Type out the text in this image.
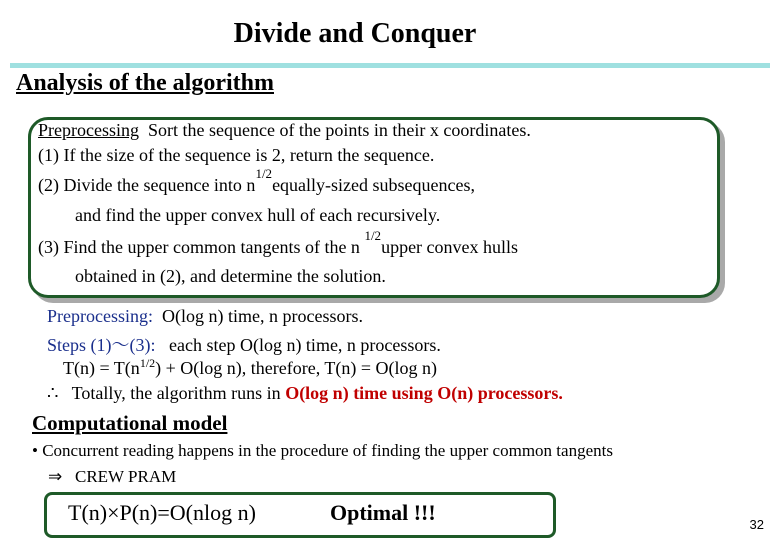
Divide and Conquer
Analysis of the algorithm
Preprocessing Sort the sequence of the points in their x coordinates.
(1) If the size of the sequence is 2, return the sequence.
(2) Divide the sequence into $n^{1/2}equally$-sized subsequences,
and find the upper convex hull of each recursively.
(3) Find the upper common tangents of the n $^{1/2}$upper convex hulls
obtained in (2), and determine the solution.
Preprocessing: O(log n) time, n processors.
Steps (1)～(3): each step O(log n) time, n processors.
$T(n) = T(n^{1/2}) + O(\log$ n), therefore, T(n) = O(log n)
∴ Totally, the algorithm runs in O(log n) time using O(n) processors.
Computational model
• Concurrent reading happens in the procedure of finding the upper common tangents
⇒ CREW PRAM
T(n)×P(n)=O(nlog n)	Optimal !!!	32
